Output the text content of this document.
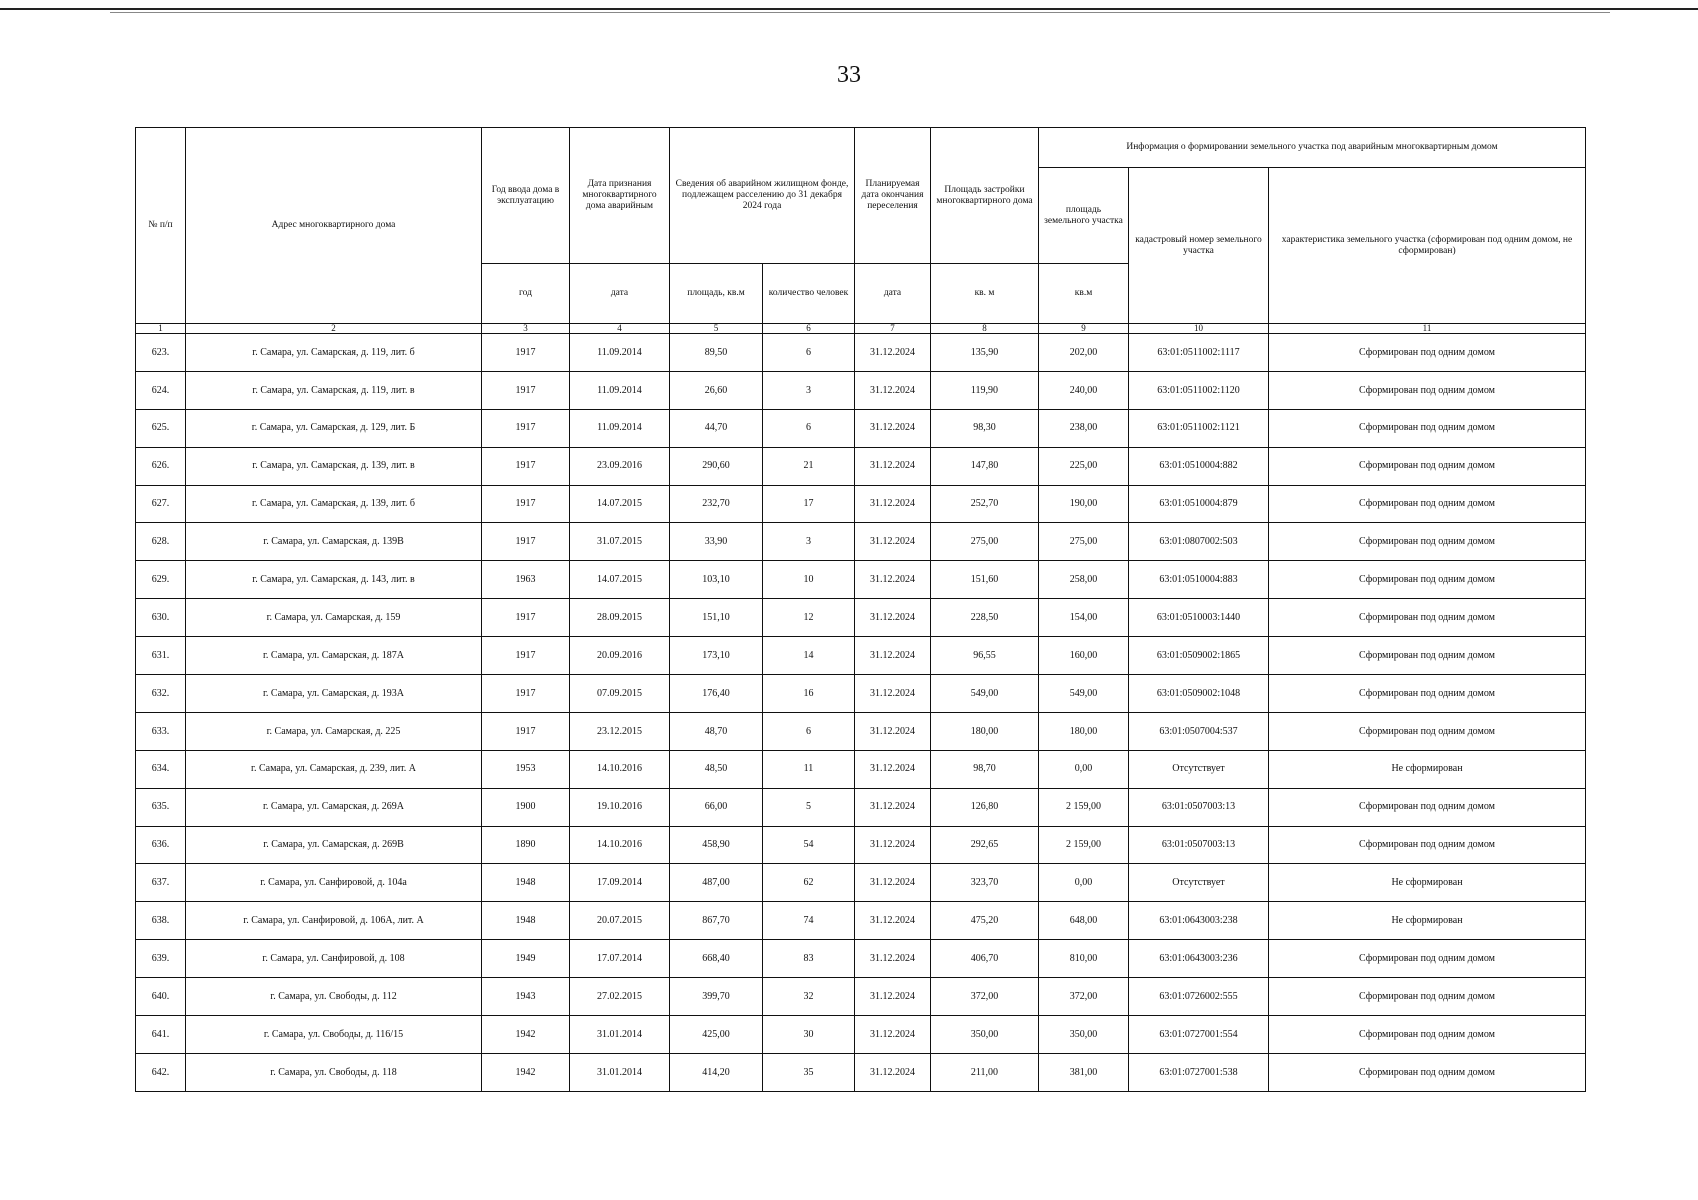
33
№ п/п	Адрес многоквартирного дома	Год ввода дома в эксплуатацию	Дата признания многоквартирного дома аварийным	Сведения об аварийном жилищном фонде, подлежащем расселению до 31 декабря 2024 года		Планируемая дата окончания переселения	Площадь застройки многоквартирного дома	Информация о формировании земельного участка под аварийным многоквартирным домом		
								площадь земельного участка	кадастровый номер земельного участка	характеристика земельного участка (сформирован под одним домом, не сформирован)
		год	дата	площадь, кв.м	количество человек	дата	кв. м	кв.м		
1	2	3	4	5	6	7	8	9	10	11
623.	г. Самара, ул. Самарская, д. 119, лит. б	1917	11.09.2014	89,50	6	31.12.2024	135,90	202,00	63:01:0511002:1117	Сформирован под одним домом
624.	г. Самара, ул. Самарская, д. 119, лит. в	1917	11.09.2014	26,60	3	31.12.2024	119,90	240,00	63:01:0511002:1120	Сформирован под одним домом
625.	г. Самара, ул. Самарская, д. 129, лит. Б	1917	11.09.2014	44,70	6	31.12.2024	98,30	238,00	63:01:0511002:1121	Сформирован под одним домом
626.	г. Самара, ул. Самарская, д. 139, лит. в	1917	23.09.2016	290,60	21	31.12.2024	147,80	225,00	63:01:0510004:882	Сформирован под одним домом
627.	г. Самара, ул. Самарская, д. 139, лит. б	1917	14.07.2015	232,70	17	31.12.2024	252,70	190,00	63:01:0510004:879	Сформирован под одним домом
628.	г. Самара, ул. Самарская, д. 139В	1917	31.07.2015	33,90	3	31.12.2024	275,00	275,00	63:01:0807002:503	Сформирован под одним домом
629.	г. Самара, ул. Самарская, д. 143, лит. в	1963	14.07.2015	103,10	10	31.12.2024	151,60	258,00	63:01:0510004:883	Сформирован под одним домом
630.	г. Самара, ул. Самарская, д. 159	1917	28.09.2015	151,10	12	31.12.2024	228,50	154,00	63:01:0510003:1440	Сформирован под одним домом
631.	г. Самара, ул. Самарская, д. 187А	1917	20.09.2016	173,10	14	31.12.2024	96,55	160,00	63:01:0509002:1865	Сформирован под одним домом
632.	г. Самара, ул. Самарская, д. 193А	1917	07.09.2015	176,40	16	31.12.2024	549,00	549,00	63:01:0509002:1048	Сформирован под одним домом
633.	г. Самара, ул. Самарская, д. 225	1917	23.12.2015	48,70	6	31.12.2024	180,00	180,00	63:01:0507004:537	Сформирован под одним домом
634.	г. Самара, ул. Самарская, д. 239, лит. А	1953	14.10.2016	48,50	11	31.12.2024	98,70	0,00	Отсутствует	Не сформирован
635.	г. Самара, ул. Самарская, д. 269А	1900	19.10.2016	66,00	5	31.12.2024	126,80	2 159,00	63:01:0507003:13	Сформирован под одним домом
636.	г. Самара, ул. Самарская, д. 269В	1890	14.10.2016	458,90	54	31.12.2024	292,65	2 159,00	63:01:0507003:13	Сформирован под одним домом
637.	г. Самара, ул. Санфировой, д. 104а	1948	17.09.2014	487,00	62	31.12.2024	323,70	0,00	Отсутствует	Не сформирован
638.	г. Самара, ул. Санфировой, д. 106А, лит. А	1948	20.07.2015	867,70	74	31.12.2024	475,20	648,00	63:01:0643003:238	Не сформирован
639.	г. Самара, ул. Санфировой, д. 108	1949	17.07.2014	668,40	83	31.12.2024	406,70	810,00	63:01:0643003:236	Сформирован под одним домом
640.	г. Самара, ул. Свободы, д. 112	1943	27.02.2015	399,70	32	31.12.2024	372,00	372,00	63:01:0726002:555	Сформирован под одним домом
641.	г. Самара, ул. Свободы, д. 116/15	1942	31.01.2014	425,00	30	31.12.2024	350,00	350,00	63:01:0727001:554	Сформирован под одним домом
642.	г. Самара, ул. Свободы, д. 118	1942	31.01.2014	414,20	35	31.12.2024	211,00	381,00	63:01:0727001:538	Сформирован под одним домом
